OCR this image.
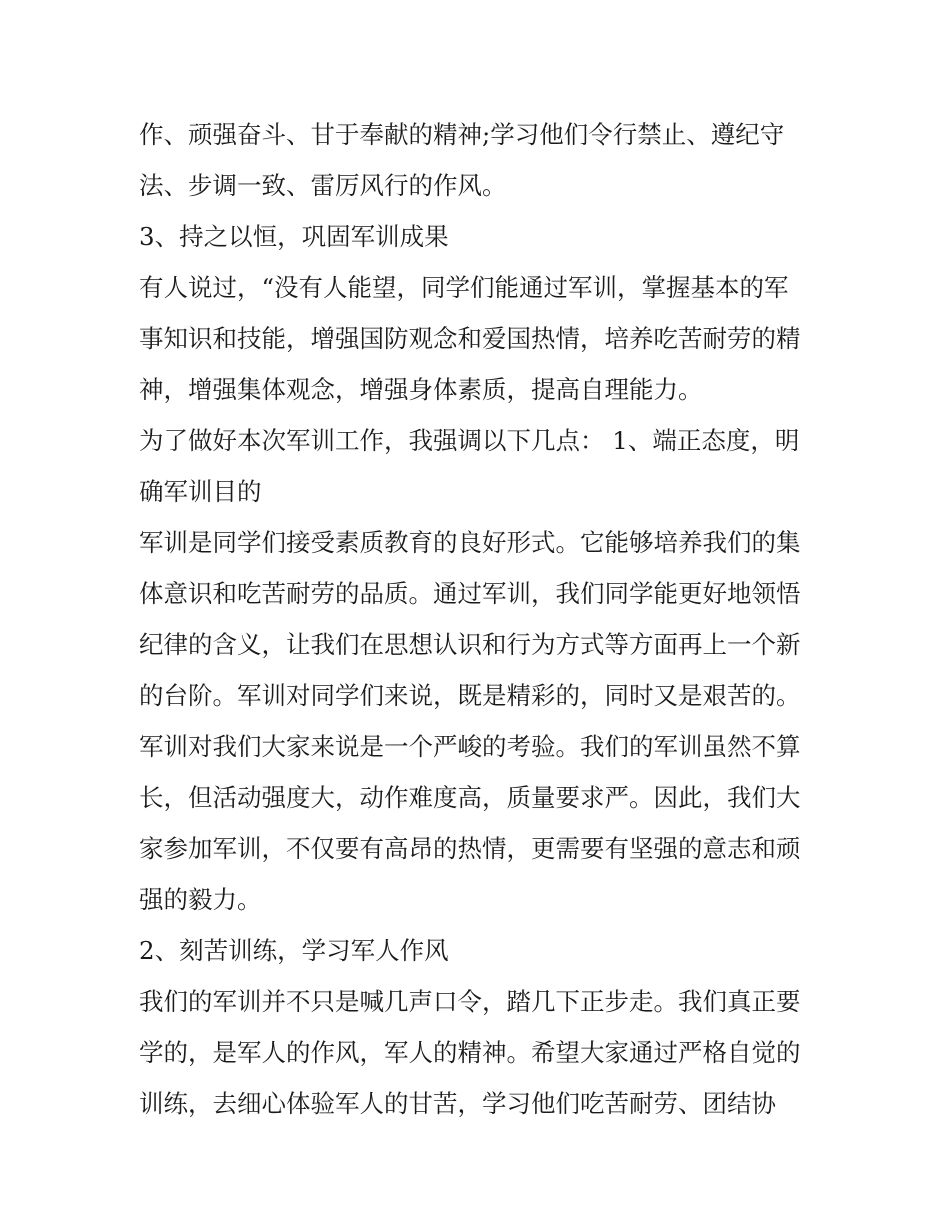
作、顽强奋斗、甘于奉献的精神;学习他们令行禁止、遵纪守

法、步调一致、雷厉风行的作风。

3、持之以恒，巩固军训成果

有人说过，“没有人能望，同学们能通过军训，掌握基本的军

事知识和技能，增强国防观念和爱国热情，培养吃苦耐劳的精

神，增强集体观念，增强身体素质，提高自理能力。

为了做好本次军训工作，我强调以下几点： 1、端正态度，明

确军训目的

军训是同学们接受素质教育的良好形式。它能够培养我们的集

体意识和吃苦耐劳的品质。通过军训，我们同学能更好地领悟

纪律的含义，让我们在思想认识和行为方式等方面再上一个新

的台阶。军训对同学们来说，既是精彩的，同时又是艰苦的。

军训对我们大家来说是一个严峻的考验。我们的军训虽然不算

长，但活动强度大，动作难度高，质量要求严。因此，我们大

家参加军训，不仅要有高昂的热情，更需要有坚强的意志和顽

强的毅力。

2、刻苦训练，学习军人作风

我们的军训并不只是喊几声口令，踏几下正步走。我们真正要

学的，是军人的作风，军人的精神。希望大家通过严格自觉的

训练，去细心体验军人的甘苦，学习他们吃苦耐劳、团结协
